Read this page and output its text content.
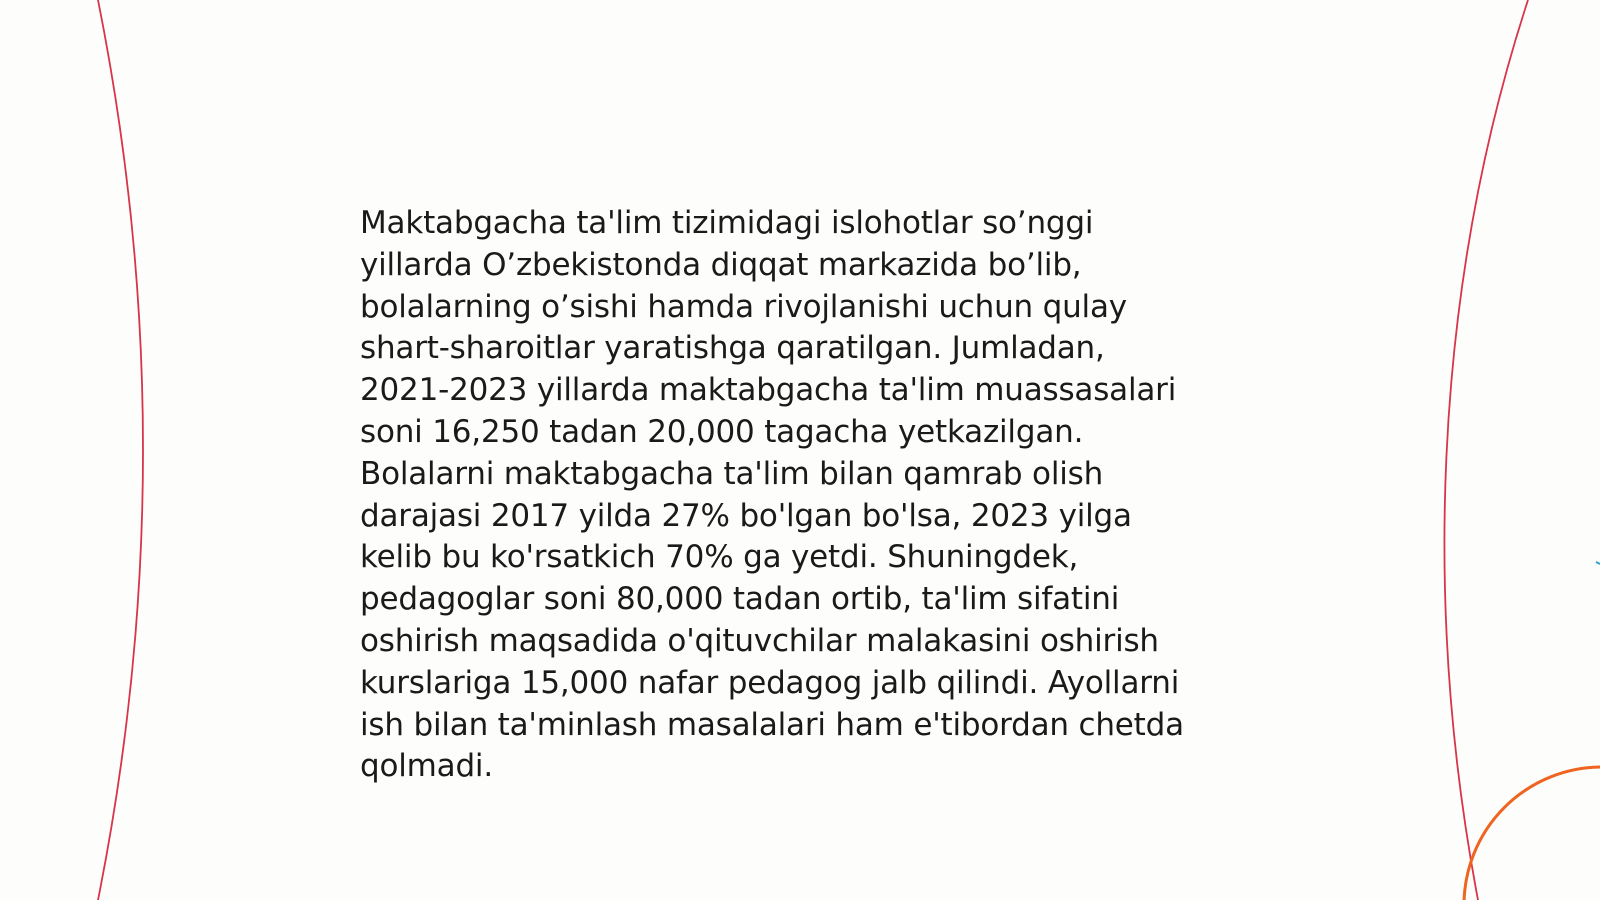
Maktabgacha ta'lim tizimidagi islohotlar so’nggi
yillarda O’zbekistonda diqqat markazida bo’lib,
bolalarning o’sishi hamda rivojlanishi uchun qulay
shart-sharoitlar yaratishga qaratilgan. Jumladan,
2021-2023 yillarda maktabgacha ta'lim muassasalari
soni 16,250 tadan 20,000 tagacha yetkazilgan.
Bolalarni maktabgacha ta'lim bilan qamrab olish
darajasi 2017 yilda 27% bo'lgan bo'lsa, 2023 yilga
kelib bu ko'rsatkich 70% ga yetdi. Shuningdek,
pedagoglar soni 80,000 tadan ortib, ta'lim sifatini
oshirish maqsadida o'qituvchilar malakasini oshirish
kurslariga 15,000 nafar pedagog jalb qilindi. Ayollarni
ish bilan ta'minlash masalalari ham e'tibordan chetda
qolmadi.
